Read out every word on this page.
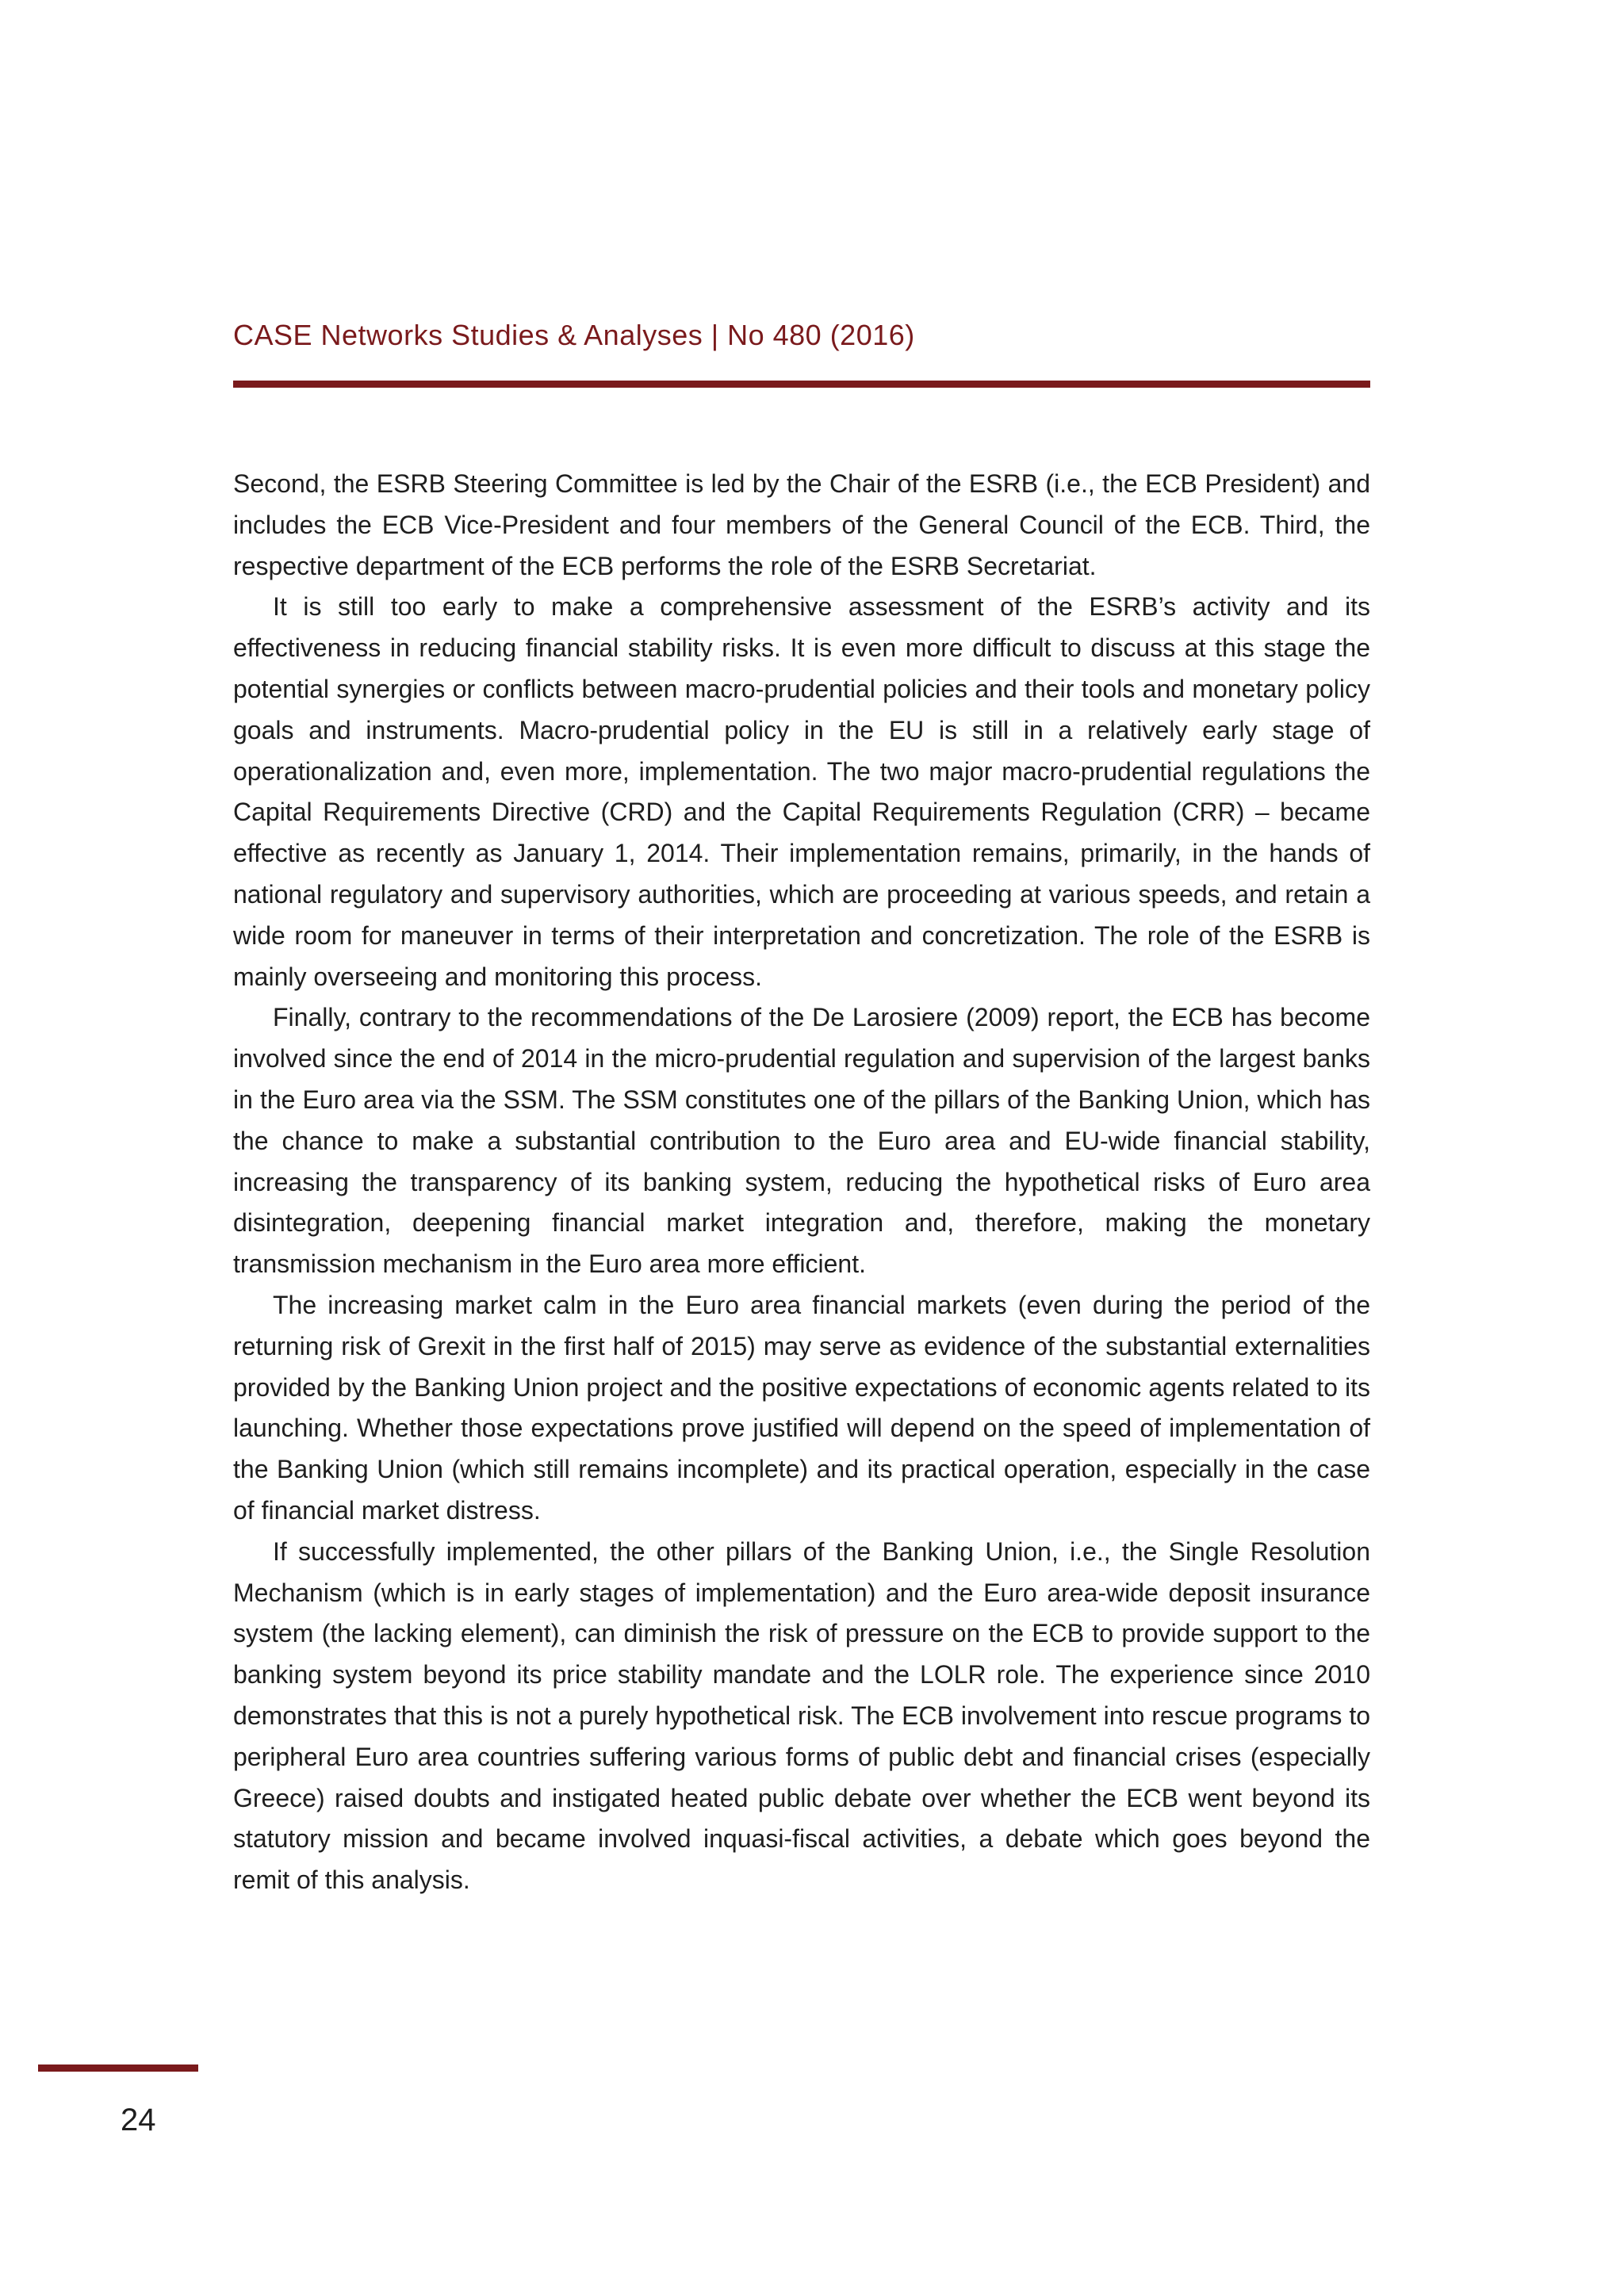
CASE Networks Studies & Analyses | No 480 (2016)

Second, the ESRB Steering Committee is led by the Chair of the ESRB (i.e., the ECB President) and includes the ECB Vice-President and four members of the General Council of the ECB. Third, the respective department of the ECB performs the role of the ESRB Secretariat.

It is still too early to make a comprehensive assessment of the ESRB’s activity and its effectiveness in reducing financial stability risks. It is even more difficult to discuss at this stage the potential synergies or conflicts between macro-prudential policies and their tools and monetary policy goals and instruments. Macro-prudential policy in the EU is still in a relatively early stage of operationalization and, even more, implementation. The two major macro-prudential regulations the Capital Requirements Directive (CRD) and the Capital Requirements Regulation (CRR) – became effective as recently as January 1, 2014. Their implementation remains, primarily, in the hands of national regulatory and supervisory authorities, which are proceeding at various speeds, and retain a wide room for maneuver in terms of their interpretation and concretization. The role of the ESRB is mainly overseeing and monitoring this process.

Finally, contrary to the recommendations of the De Larosiere (2009) report, the ECB has become involved since the end of 2014 in the micro-prudential regulation and supervision of the largest banks in the Euro area via the SSM. The SSM constitutes one of the pillars of the Banking Union, which has the chance to make a substantial contribution to the Euro area and EU-wide financial stability, increasing the transparency of its banking system, reducing the hypothetical risks of Euro area disintegration, deepening financial market integration and, therefore, making the monetary transmission mechanism in the Euro area more efficient.

The increasing market calm in the Euro area financial markets (even during the period of the returning risk of Grexit in the first half of 2015) may serve as evidence of the substantial externalities provided by the Banking Union project and the positive expectations of economic agents related to its launching. Whether those expectations prove justified will depend on the speed of implementation of the Banking Union (which still remains incomplete) and its practical operation, especially in the case of financial market distress.

If successfully implemented, the other pillars of the Banking Union, i.e., the Single Resolution Mechanism (which is in early stages of implementation) and the Euro area-wide deposit insurance system (the lacking element), can diminish the risk of pressure on the ECB to provide support to the banking system beyond its price stability mandate and the LOLR role. The experience since 2010 demonstrates that this is not a purely hypothetical risk. The ECB involvement into rescue programs to peripheral Euro area countries suffering various forms of public debt and financial crises (especially Greece) raised doubts and instigated heated public debate over whether the ECB went beyond its statutory mission and became involved inquasi-fiscal activities, a debate which goes beyond the remit of this analysis.

24
